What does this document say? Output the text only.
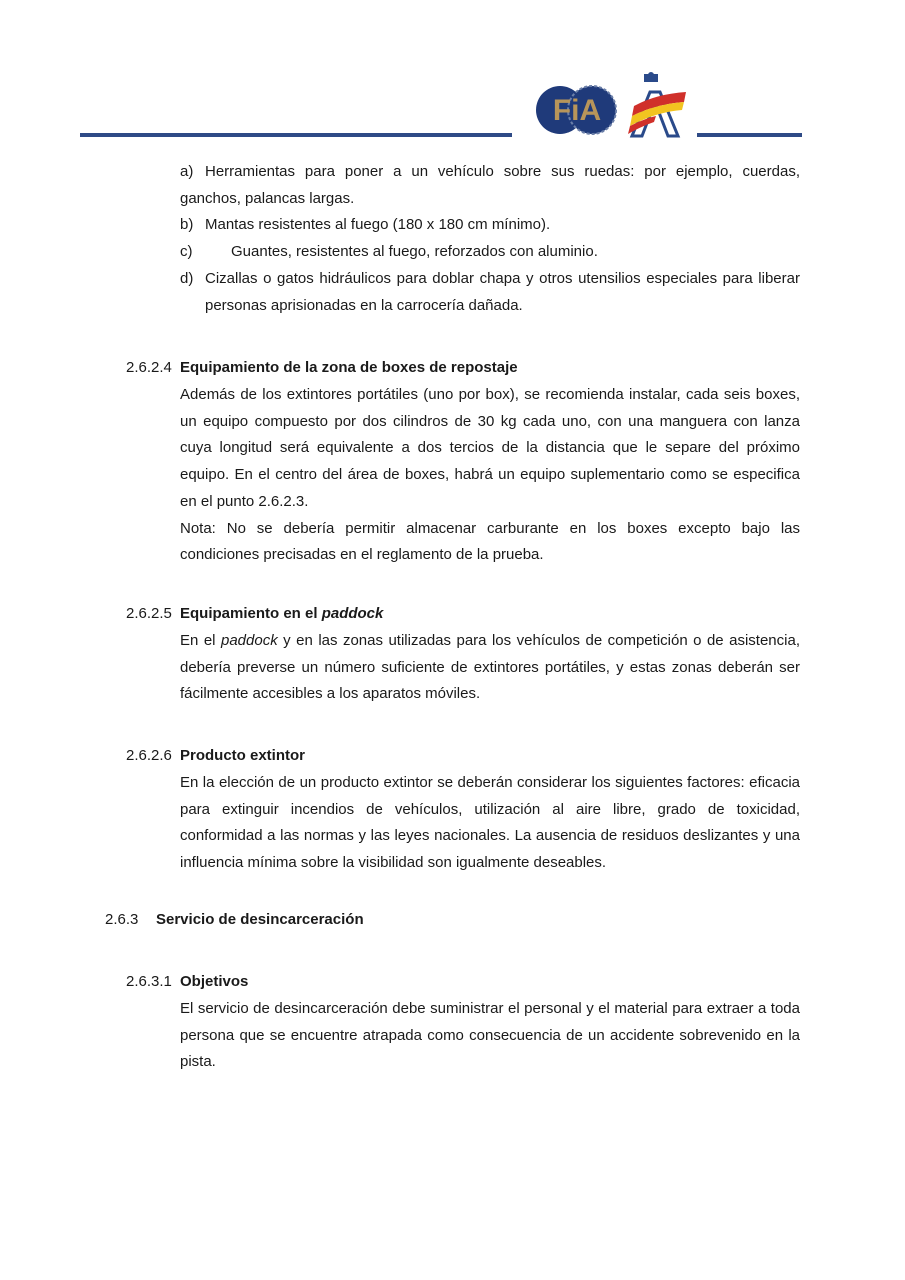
FiA

a) Herramientas para poner a un vehículo sobre sus ruedas: por ejemplo, cuerdas, ganchos, palancas largas.

b) Mantas resistentes al fuego (180 x 180 cm mínimo).

c)	Guantes, resistentes al fuego, reforzados con aluminio.

d) Cizallas o gatos hidráulicos para doblar chapa y otros utensilios especiales para liberar personas aprisionadas en la carrocería dañada.

2.6.2.4 Equipamiento de la zona de boxes de repostaje

Además de los extintores portátiles (uno por box), se recomienda instalar, cada seis boxes, un equipo compuesto por dos cilindros de 30 kg cada uno, con una manguera con lanza cuya longitud será equivalente a dos tercios de la distancia que le separe del próximo equipo. En el centro del área de boxes, habrá un equipo suplementario como se especifica en el punto 2.6.2.3.

Nota: No se debería permitir almacenar carburante en los boxes excepto bajo las condiciones precisadas en el reglamento de la prueba.

2.6.2.5 Equipamiento en el paddock

En el paddock y en las zonas utilizadas para los vehículos de competición o de asistencia, debería preverse un número suficiente de extintores portátiles, y estas zonas deberán ser fácilmente accesibles a los aparatos móviles.

2.6.2.6 Producto extintor

En la elección de un producto extintor se deberán considerar los siguientes factores: eficacia para extinguir incendios de vehículos, utilización al aire libre, grado de toxicidad, conformidad a las normas y las leyes nacionales. La ausencia de residuos deslizantes y una influencia mínima sobre la visibilidad son igualmente deseables.

2.6.3 Servicio de desincarceración
2.6.3.1 Objetivos

El servicio de desincarceración debe suministrar el personal y el material para extraer a toda persona que se encuentre atrapada como consecuencia de un accidente sobrevenido en la pista.
